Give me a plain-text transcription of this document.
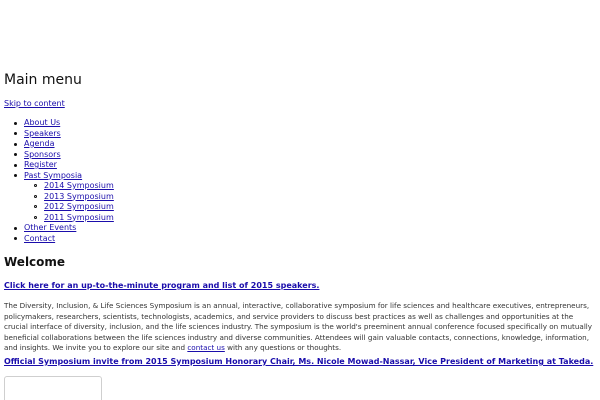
Main menu
Skip to content
About Us
Speakers
Agenda
Sponsors
Register
Past Symposia
2014 Symposium
2013 Symposium
2012 Symposium
2011 Symposium
Other Events
Contact
Welcome
Click here for an up-to-the-minute program and list of 2015 speakers.

The Diversity, Inclusion, & Life Sciences Symposium is an annual, interactive, collaborative symposium for life sciences and healthcare executives, entrepreneurs, policymakers, researchers, scientists, technologists, academics, and service providers to discuss best practices as well as challenges and opportunities at the crucial interface of diversity, inclusion, and the life sciences industry. The symposium is the world's preeminent annual conference focused specifically on mutually beneficial collaborations between the life sciences industry and diverse communities. Attendees will gain valuable contacts, connections, knowledge, information, and insights. We invite you to explore our site and contact us with any questions or thoughts.

Official Symposium invite from 2015 Symposium Honorary Chair, Ms. Nicole Mowad-Nassar, Vice President of Marketing at Takeda.
